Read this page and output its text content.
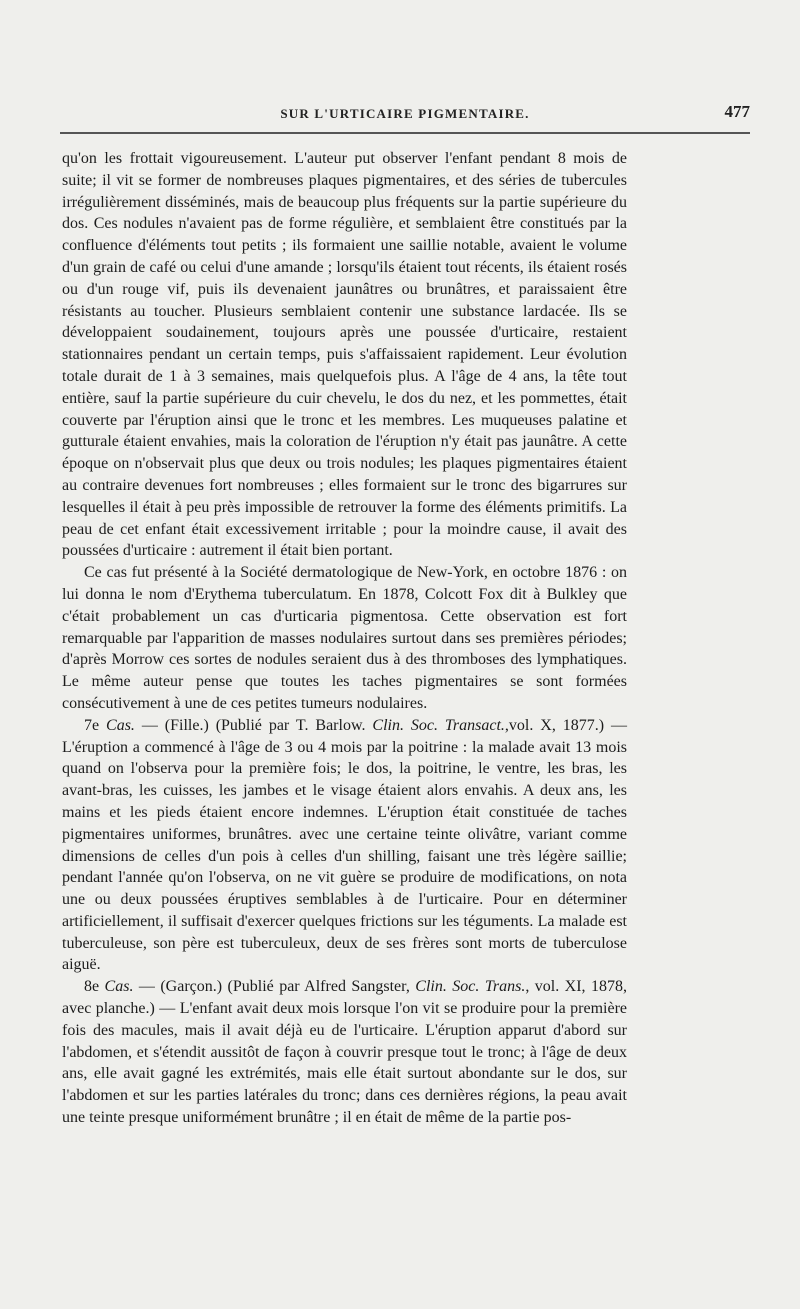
SUR L'URTICAIRE PIGMENTAIRE.	477

qu'on les frottait vigoureusement. L'auteur put observer l'enfant pendant 8 mois de suite; il vit se former de nombreuses plaques pigmentaires, et des séries de tubercules irrégulièrement disséminés, mais de beaucoup plus fréquents sur la partie supérieure du dos. Ces nodules n'avaient pas de forme régulière, et semblaient être constitués par la confluence d'éléments tout petits ; ils formaient une saillie notable, avaient le volume d'un grain de café ou celui d'une amande ; lorsqu'ils étaient tout récents, ils étaient rosés ou d'un rouge vif, puis ils devenaient jaunâtres ou brunâtres, et paraissaient être résistants au toucher. Plusieurs semblaient contenir une substance lardacée. Ils se développaient soudainement, toujours après une poussée d'urticaire, restaient stationnaires pendant un certain temps, puis s'affaissaient rapidement. Leur évolution totale durait de 1 à 3 semaines, mais quelquefois plus. A l'âge de 4 ans, la tête tout entière, sauf la partie supérieure du cuir chevelu, le dos du nez, et les pommettes, était couverte par l'éruption ainsi que le tronc et les membres. Les muqueuses palatine et gutturale étaient envahies, mais la coloration de l'éruption n'y était pas jaunâtre. A cette époque on n'observait plus que deux ou trois nodules; les plaques pigmentaires étaient au contraire devenues fort nombreuses ; elles formaient sur le tronc des bigarrures sur lesquelles il était à peu près impossible de retrouver la forme des éléments primitifs. La peau de cet enfant était excessivement irritable ; pour la moindre cause, il avait des poussées d'urticaire : autrement il était bien portant.

Ce cas fut présenté à la Société dermatologique de New-York, en octobre 1876 : on lui donna le nom d'Erythema tuberculatum. En 1878, Colcott Fox dit à Bulkley que c'était probablement un cas d'urticaria pigmentosa. Cette observation est fort remarquable par l'apparition de masses nodulaires surtout dans ses premières périodes; d'après Morrow ces sortes de nodules seraient dus à des thromboses des lymphatiques. Le même auteur pense que toutes les taches pigmentaires se sont formées consécutivement à une de ces petites tumeurs nodulaires.

7e Cas. — (Fille.) (Publié par T. Barlow. Clin. Soc. Transact.,vol. X, 1877.) — L'éruption a commencé à l'âge de 3 ou 4 mois par la poitrine : la malade avait 13 mois quand on l'observa pour la première fois; le dos, la poitrine, le ventre, les bras, les avant-bras, les cuisses, les jambes et le visage étaient alors envahis. A deux ans, les mains et les pieds étaient encore indemnes. L'éruption était constituée de taches pigmentaires uniformes, brunâtres. avec une certaine teinte olivâtre, variant comme dimensions de celles d'un pois à celles d'un shilling, faisant une très légère saillie; pendant l'année qu'on l'observa, on ne vit guère se produire de modifications, on nota une ou deux poussées éruptives semblables à de l'urticaire. Pour en déterminer artificiellement, il suffisait d'exercer quelques frictions sur les téguments. La malade est tuberculeuse, son père est tuberculeux, deux de ses frères sont morts de tuberculose aiguë.

8e Cas. — (Garçon.) (Publié par Alfred Sangster, Clin. Soc. Trans., vol. XI, 1878, avec planche.) — L'enfant avait deux mois lorsque l'on vit se produire pour la première fois des macules, mais il avait déjà eu de l'urticaire. L'éruption apparut d'abord sur l'abdomen, et s'étendit aussitôt de façon à couvrir presque tout le tronc; à l'âge de deux ans, elle avait gagné les extrémités, mais elle était surtout abondante sur le dos, sur l'abdomen et sur les parties latérales du tronc; dans ces dernières régions, la peau avait une teinte presque uniformément brunâtre ; il en était de même de la partie pos-
